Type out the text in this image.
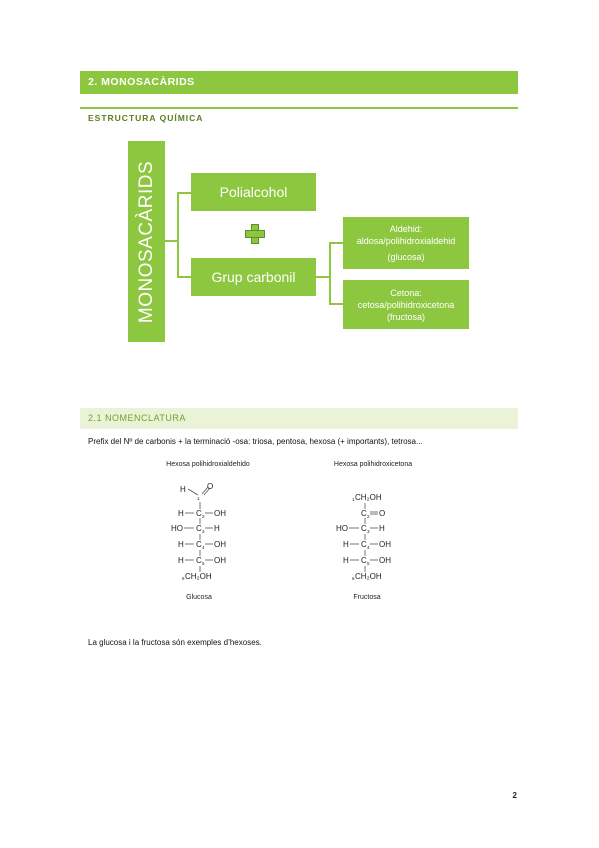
2. MONOSACÀRIDS
ESTRUCTURA QUÍMICA
MONOSACÀRIDS	Polialcohol
Grup carbonil
Aldehid:
aldosa/polihidroxialdehid
(glucosa)
Cetona:
cetosa/polihidroxicetona
(fructosa)
2.1 NOMENCLATURA
Prefix del Nº de carbonis + la terminació -osa: triosa, pentosa, hexosa (+ importants), tetrosa...
Hexosa polihidroxialdehido
H
1
O
H C 2 OH
HO C 3 H
H C 4 OH
H C 5 OH
6 CH₂OH
Glucosa
Hexosa polihidroxicetona
1 CH₂OH
C 2 O
HO C 3 H
H C 4 OH
H C 5 OH
6 CH₂OH
Fructosa
La glucosa i la fructosa són exemples d’hexoses.
2
